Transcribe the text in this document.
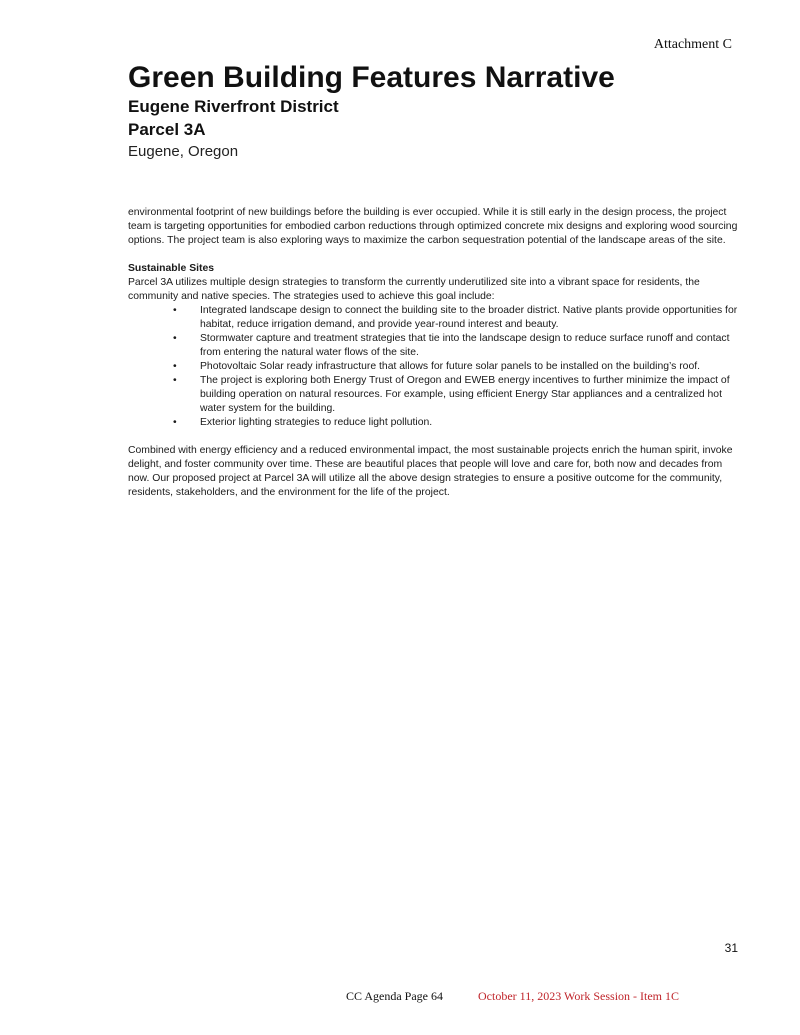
Attachment C
Green Building Features Narrative
Eugene Riverfront District
Parcel 3A
Eugene, Oregon

environmental footprint of new buildings before the building is ever occupied. While it is still early in the design process, the project team is targeting opportunities for embodied carbon reductions through optimized concrete mix designs and exploring wood sourcing options. The project team is also exploring ways to maximize the carbon sequestration potential of the landscape areas of the site.

Sustainable Sites

Parcel 3A utilizes multiple design strategies to transform the currently underutilized site into a vibrant space for residents, the community and native species. The strategies used to achieve this goal include:

• Integrated landscape design to connect the building site to the broader district. Native plants provide opportunities for habitat, reduce irrigation demand, and provide year-round interest and beauty.
• Stormwater capture and treatment strategies that tie into the landscape design to reduce surface runoff and contact from entering the natural water flows of the site.
• Photovoltaic Solar ready infrastructure that allows for future solar panels to be installed on the building’s roof.
• The project is exploring both Energy Trust of Oregon and EWEB energy incentives to further minimize the impact of building operation on natural resources. For example, using efficient Energy Star appliances and a centralized hot water system for the building.
• Exterior lighting strategies to reduce light pollution.

Combined with energy efficiency and a reduced environmental impact, the most sustainable projects enrich the human spirit, invoke delight, and foster community over time. These are beautiful places that people will love and care for, both now and decades from now. Our proposed project at Parcel 3A will utilize all the above design strategies to ensure a positive outcome for the community, residents, stakeholders, and the environment for the life of the project.

31
CC Agenda Page 64	October 11, 2023 Work Session - Item 1C
